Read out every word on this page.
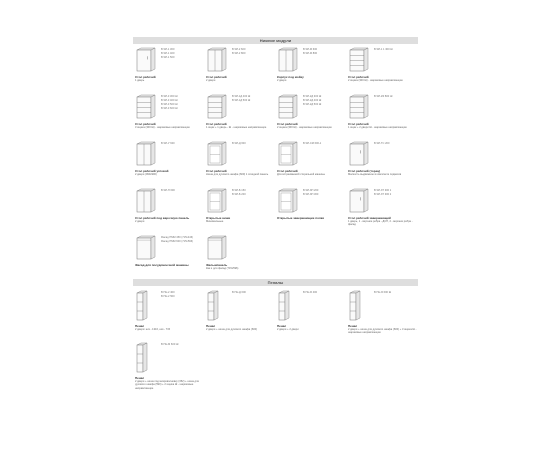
Нижние модули
В ЯЛ-1 300
В ЯЛ-1 400
В ЯЛ-1 500
Стол рабочий
1 дверь
В ЯЛ-2 600
В ЯЛ-2 800
Стол рабочий
2 двери
В ЯЛ-М 600
В ЯЛ-М 800
Корпус под мойку
2 двери
В ЯЛ-1 1 300 Ш
Стол рабочий
2 ящика (300 Ш) - шариковые направляющие
В ЯЛ-3 300 Ш
В ЯЛ-3 400 Ш
В ЯЛ-3 500 Ш
В ЯЛ-3 600 Ш
Стол рабочий
3 ящика (300 Ш) - шариковые направляющие
В ЯЛ-1Д 400 Ш
В ЯЛ-1Д 500 Ш
Стол рабочий
1 ящик + 1 дверь - Ш - шариковые направляющие
В ЯЛ-2Д 300 Ш
В ЯЛ-2Д 400 Ш
В ЯЛ-2Д 500 Ш
Стол рабочий
2 ящика (300 Ш) - шариковые направляющие
В ЯЛ-2Я 800 Ш
Стол рабочий
1 ящик + 2 двери Ш - шариковые направляющие
В ЯЛ-У 600
Стол рабочий угловой
2 двери (990х990)
В ЯЛ-Д 600
Стол рабочий
Ниша для духового шкафа (600) 1 откидной панель
В ЯЛ-СМ 600-1
Стол рабочий
Для встраиваемой стиральной машины
В ЯЛ-ТС 200
Стол рабочий (торец)
Мелкость выдвижное в комплекте подвесов
В ЯЛ-П 600
Стол рабочий под варочную панель
2 двери
В ЯЛ-Б 150
В ЯЛ-Б 200
Открытые ниши
Минимальные
В ЯЛ-ЗП 200
В ЯЛ-ЗП 300
Открытые завершающие полки
В ЯЛ-ЗТ 300 1
В ЯЛ-ЗТ 300 2
Стол рабочий завершающий
1 дверь, 1 - верхние ребра - ДСП, 2 - верхние ребра - фасад
Фасад ПММ 450 (715х446)
Фасад ПММ 600 (715х596)
Фасад для посудомоечной машины	Фальшпанель
Как и для фасад (715х596)
Пеналы
В ПН-2 400
В ПН-2 500
Пенал
2 двери: низ - 1316, низ - 715
В ПН-Д 600
Пенал
2 двери + ниша для духового шкафа (600)
В ПН-Ф 400
Пенал
2 двери + 2 двери
В ПН-Я 600 Ш
Пенал
2 двери + ниша для духового шкафа (600) + 3 ящика Ш - шариковые направляющие
В ПН-М 600 Ш
Пенал
2 двери + ниша под микроволновку (352) + ниша для духового шкафа (590) + 2 ящика Ш - шариковые направляющие
